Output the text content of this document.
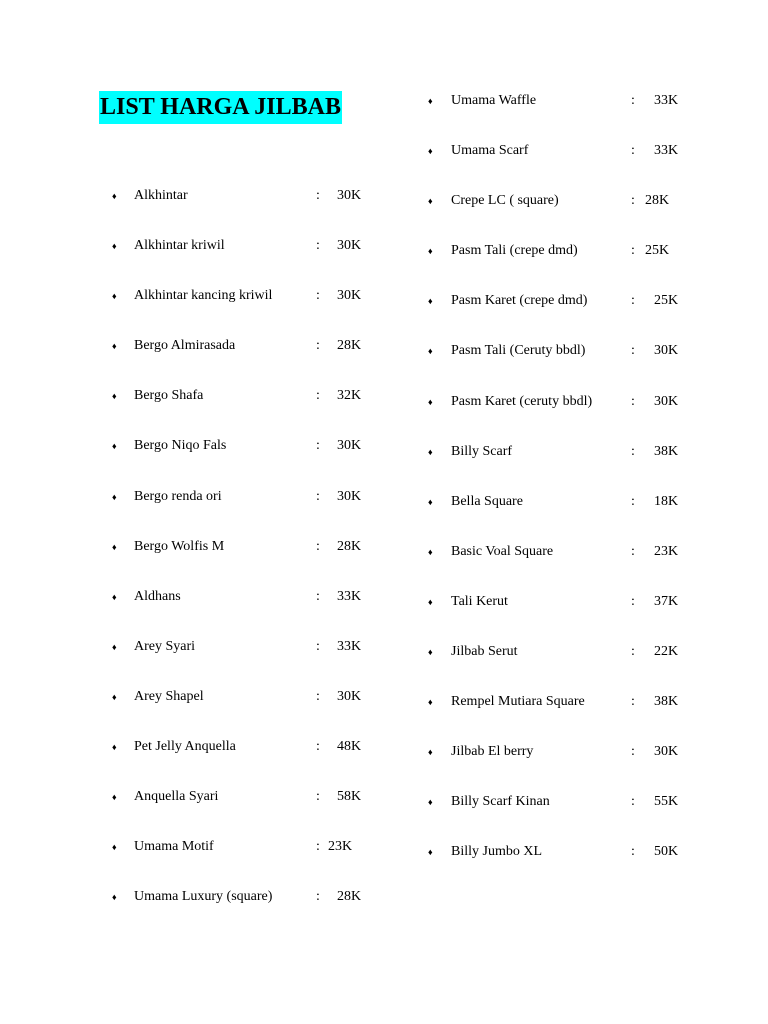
LIST HARGA JILBAB
♦ Alkhintar	: 30K
♦ Alkhintar kriwil	: 30K
♦ Alkhintar kancing kriwil	: 30K
♦ Bergo Almirasada	: 28K
♦ Bergo Shafa	: 32K
♦ Bergo Niqo Fals	: 30K
♦ Bergo renda ori	: 30K
♦ Bergo Wolfis M	: 28K
♦ Aldhans	: 33K
♦ Arey Syari	: 33K
♦ Arey Shapel	: 30K
♦ Pet Jelly Anquella	: 48K
♦ Anquella Syari	: 58K
♦ Umama Motif	: 23K
♦ Umama Luxury (square)	: 28K
♦ Umama Waffle	: 33K
♦ Umama Scarf	: 33K
♦ Crepe LC ( square)	: 28K
♦ Pasm Tali (crepe dmd)	: 25K
♦ Pasm Karet (crepe dmd)	: 25K
♦ Pasm Tali (Ceruty bbdl)	: 30K
♦ Pasm Karet (ceruty bbdl)	: 30K
♦ Billy Scarf	: 38K
♦ Bella Square	: 18K
♦ Basic Voal Square	: 23K
♦ Tali Kerut	: 37K
♦ Jilbab Serut	: 22K
♦ Rempel Mutiara Square	: 38K
♦ Jilbab El berry	: 30K
♦ Billy Scarf Kinan	: 55K
♦ Billy Jumbo XL	: 50K
